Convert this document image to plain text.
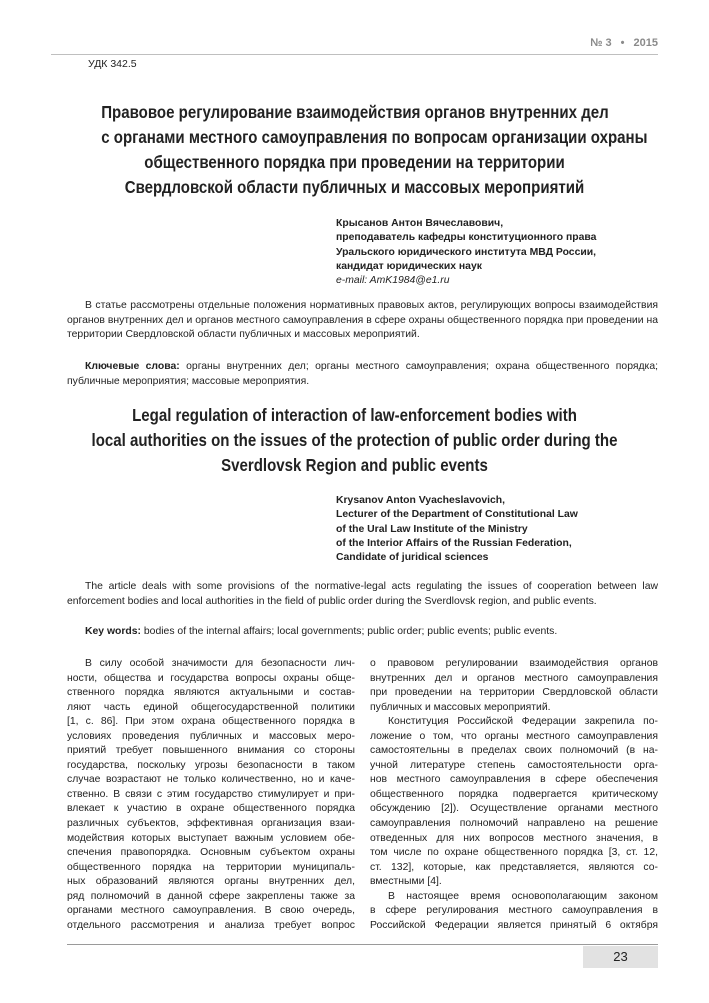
№ 3 • 2015
УДК 342.5
Правовое регулирование взаимодействия органов внутренних дел
с органами местного самоуправления по вопросам организации охраны
общественного порядка при проведении на территории
Свердловской области публичных и массовых мероприятий
Крысанов Антон Вячеславович,
преподаватель кафедры конституционного права
Уральского юридического института МВД России,
кандидат юридических наук
e-mail: AmK1984@e1.ru
В статье рассмотрены отдельные положения нормативных правовых актов, регулирующих вопросы взаимодействия органов внутренних дел и органов местного самоуправления в сфере охраны общественного порядка при проведении на территории Свердловской области публичных и массовых мероприятий.
Ключевые слова: органы внутренних дел; органы местного самоуправления; охрана общественного порядка; публичные мероприятия; массовые мероприятия.
Legal regulation of interaction of law-enforcement bodies with
local authorities on the issues of the protection of public order during the
Sverdlovsk Region and public events
Krysanov Anton Vyacheslavovich,
Lecturer of the Department of Constitutional Law
of the Ural Law Institute of the Ministry
of the Interior Affairs of the Russian Federation,
Candidate of juridical sciences
The article deals with some provisions of the normative-legal acts regulating the issues of cooperation between law enforcement bodies and local authorities in the field of public order during the Sverdlovsk region, and public events.
Key words: bodies of the internal affairs; local governments; public order; public events; public events.
В силу особой значимости для безопасности лич-
ности, общества и государства вопросы охраны обще-
ственного порядка являются актуальными и состав-
ляют часть единой общегосударственной политики
[1, с. 86]. При этом охрана общественного порядка в
условиях проведения публичных и массовых меро-
приятий требует повышенного внимания со стороны
государства, поскольку угрозы безопасности в таком
случае возрастают не только количественно, но и каче-
ственно. В связи с этим государство стимулирует и при-
влекает к участию в охране общественного порядка
различных субъектов, эффективная организация взаи-
модействия которых выступает важным условием обе-
спечения правопорядка. Основным субъектом охраны
общественного порядка на территории муниципаль-
ных образований являются органы внутренних дел,
ряд полномочий в данной сфере закреплены также за
органами местного самоуправления. В свою очередь,
отдельного рассмотрения и анализа требует вопрос
о правовом регулировании взаимодействия органов
внутренних дел и органов местного самоуправления
при проведении на территории Свердловской области
публичных и массовых мероприятий.
Конституция Российской Федерации закрепила по-
ложение о том, что органы местного самоуправления
самостоятельны в пределах своих полномочий (в на-
учной литературе степень самостоятельности орга-
нов местного самоуправления в сфере обеспечения
общественного порядка подвергается критическому
обсуждению [2]). Осуществление органами местного
самоуправления полномочий направлено на решение
отведенных для них вопросов местного значения, в
том числе по охране общественного порядка [3, ст. 12,
ст. 132], которые, как представляется, являются со-
вместными [4].
В настоящее время основополагающим законом
в сфере регулирования местного самоуправления в
Российской Федерации является принятый 6 октября
23
